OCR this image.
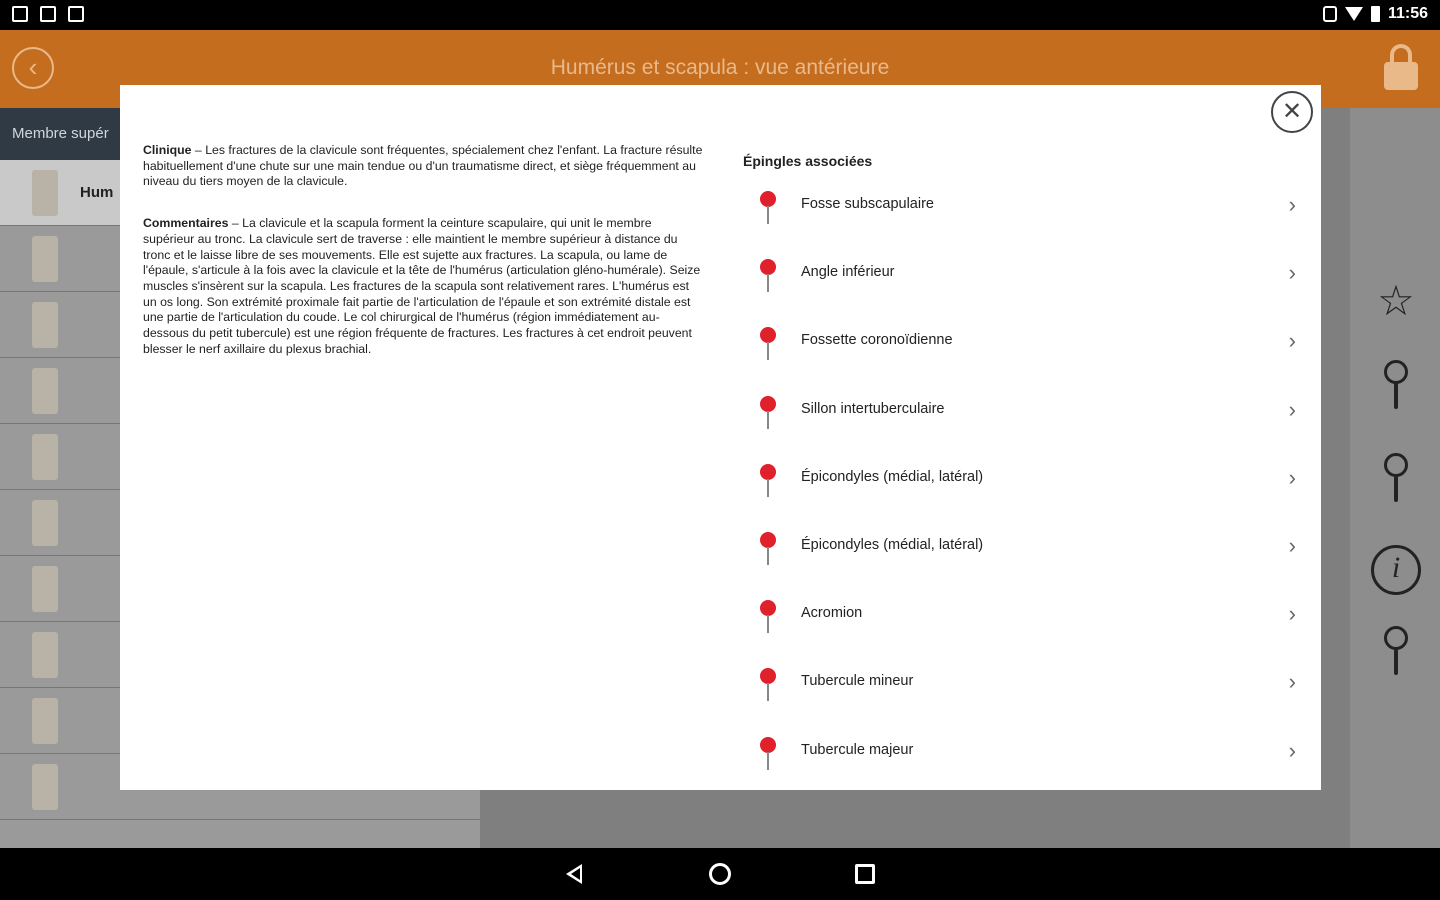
11:56
‹	Humérus et scapula : vue antérieure
Membre supér
Hum
☆
i
✕

Clinique – Les fractures de la clavicule sont fréquentes, spécialement chez l'enfant. La fracture résulte habituellement d'une chute sur une main tendue ou d'un traumatisme direct, et siège fréquemment au niveau du tiers moyen de la clavicule.

Commentaires – La clavicule et la scapula forment la ceinture scapulaire, qui unit le membre supérieur au tronc. La clavicule sert de traverse : elle maintient le membre supérieur à distance du tronc et le laisse libre de ses mouvements. Elle est sujette aux fractures. La scapula, ou lame de l'épaule, s'articule à la fois avec la clavicule et la tête de l'humérus (articulation gléno-humérale). Seize muscles s'insèrent sur la scapula. Les fractures de la scapula sont relativement rares. L'humérus est un os long. Son extrémité proximale fait partie de l'articulation de l'épaule et son extrémité distale est une partie de l'articulation du coude. Le col chirurgical de l'humérus (région immédiatement au-dessous du petit tubercule) est une région fréquente de fractures. Les fractures à cet endroit peuvent blesser le nerf axillaire du plexus brachial.

Épingles associées
Fosse subscapulaire	›
Angle inférieur	›
Fossette coronoïdienne	›
Sillon intertuberculaire	›
Épicondyles (médial, latéral)	›
Épicondyles (médial, latéral)	›
Acromion	›
Tubercule mineur	›
Tubercule majeur	›
